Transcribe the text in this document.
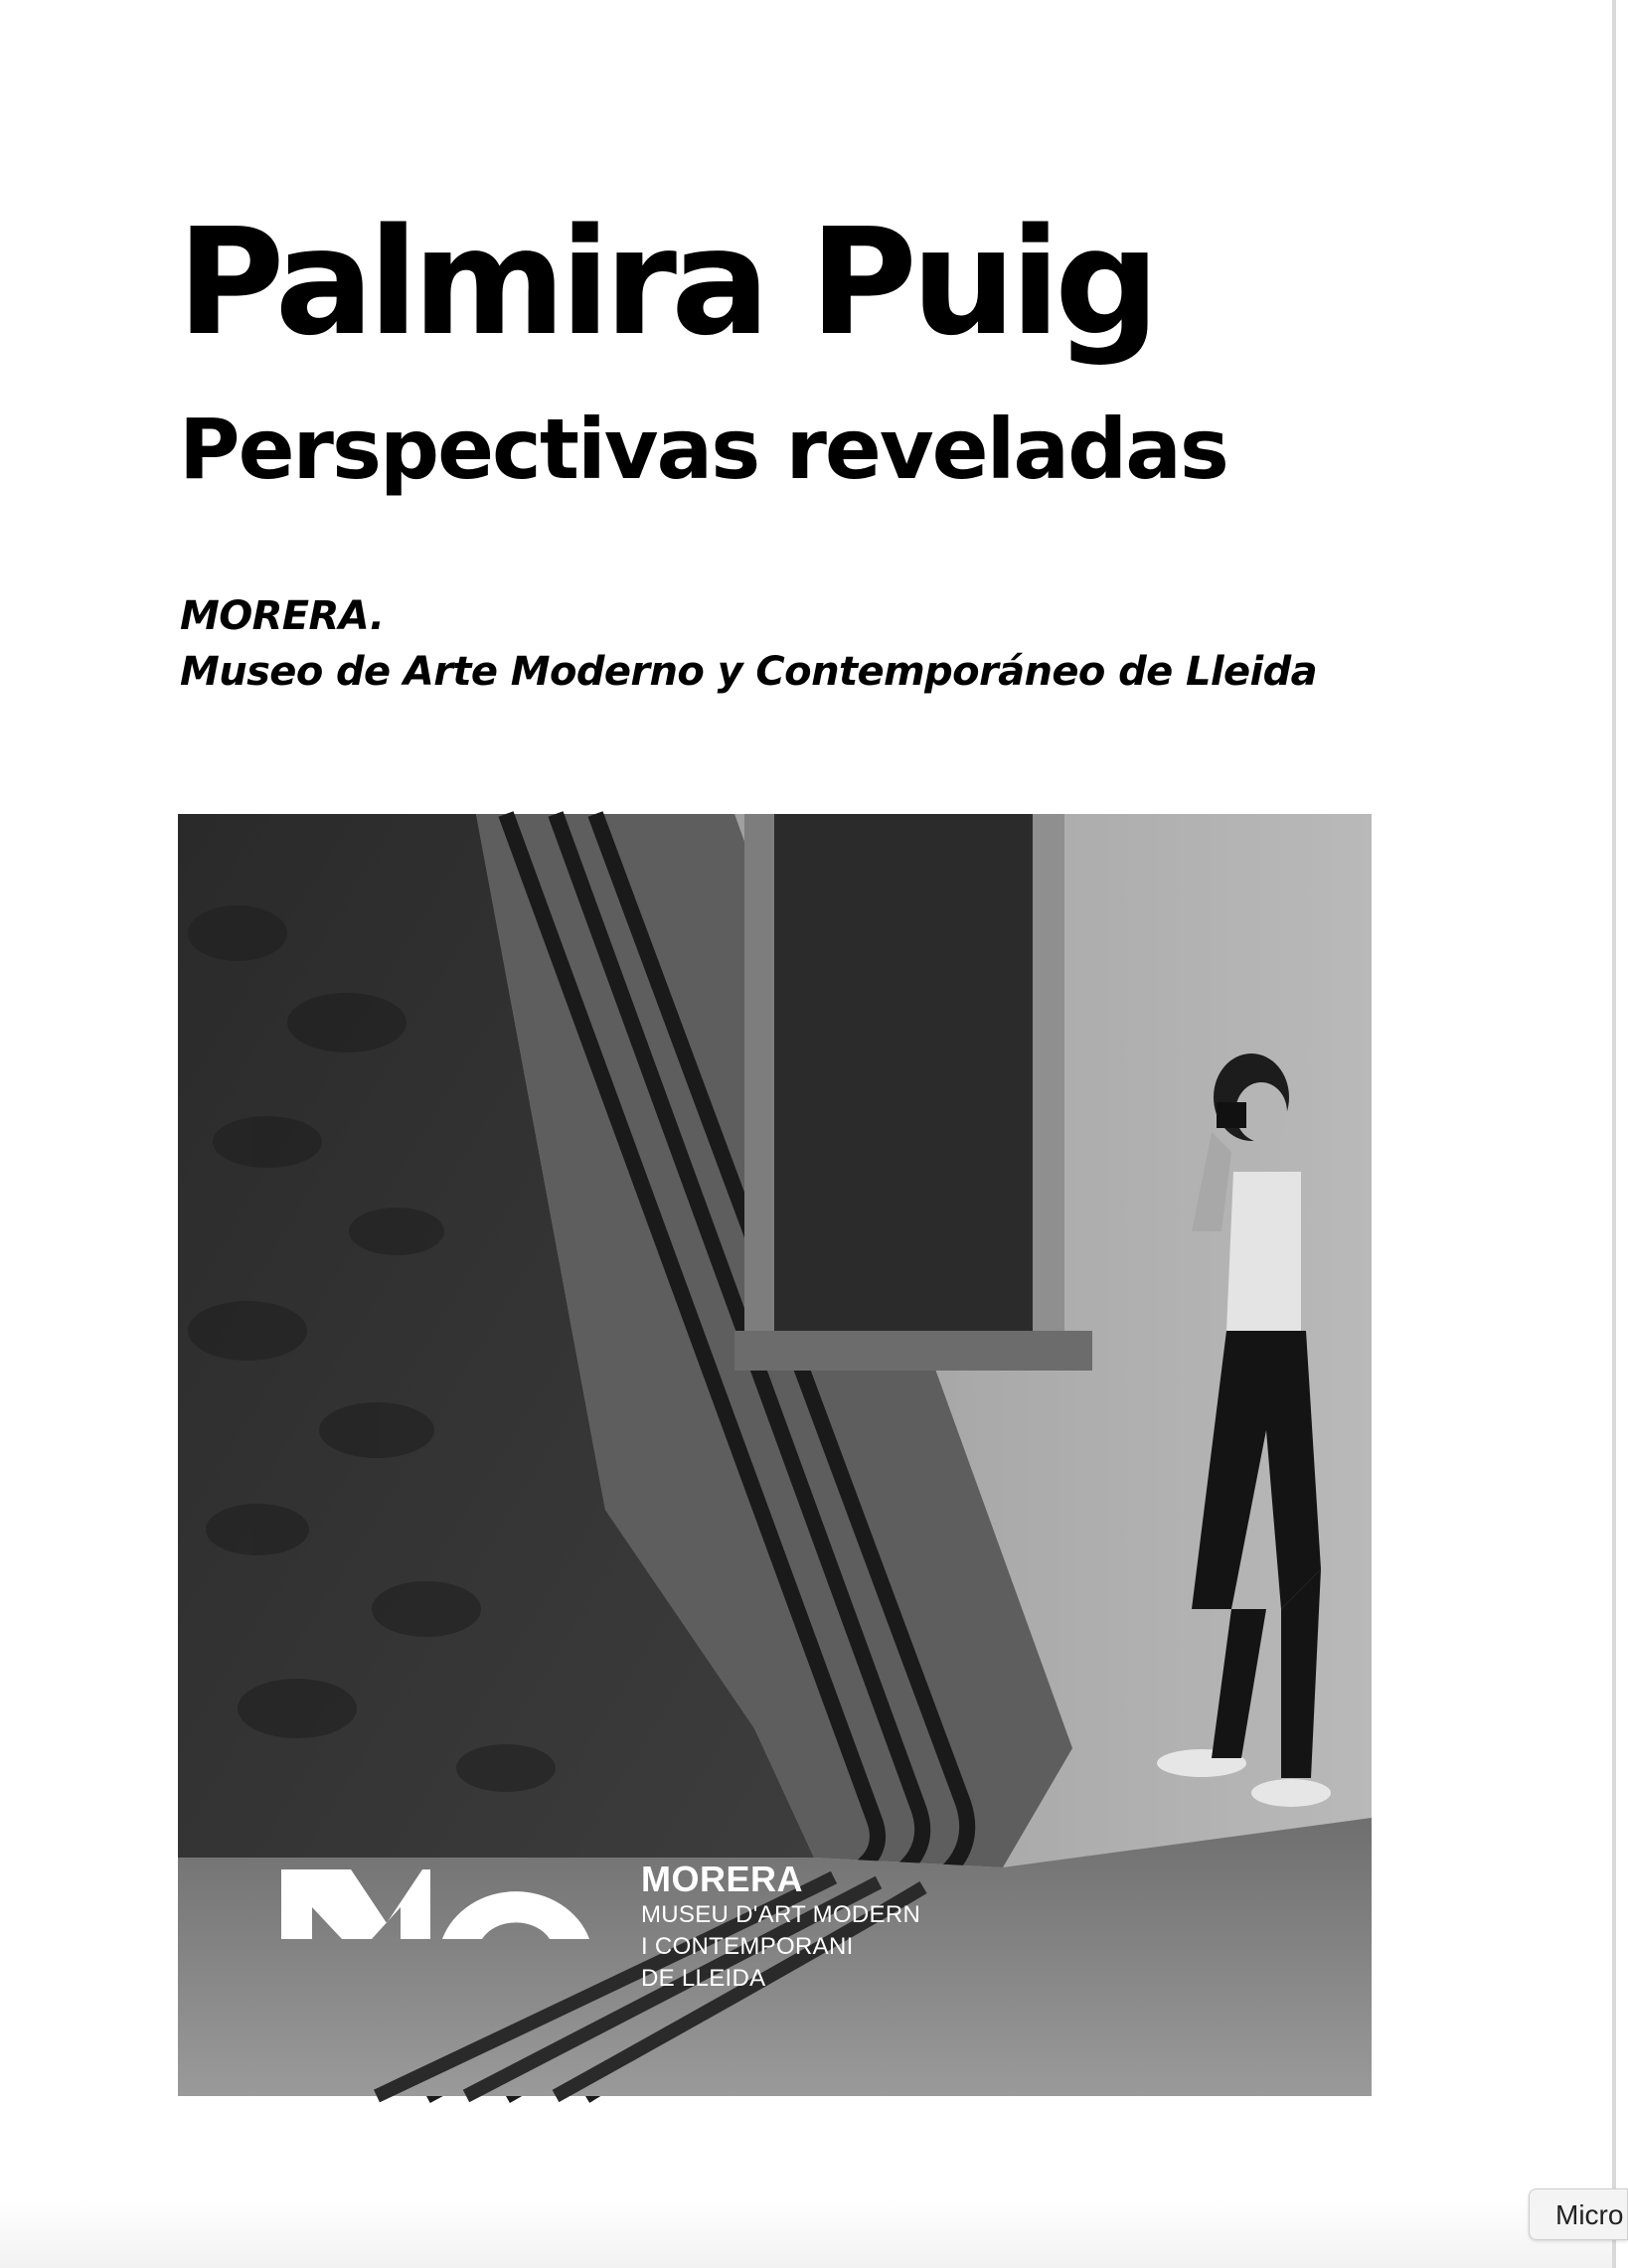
Palmira Puig
Perspectivas reveladas
MORERA.
Museo de Arte Moderno y Contemporáneo de Lleida
MORERA
MUSEU D'ART MODERN
I CONTEMPORANI
DE LLEIDA
Micro
